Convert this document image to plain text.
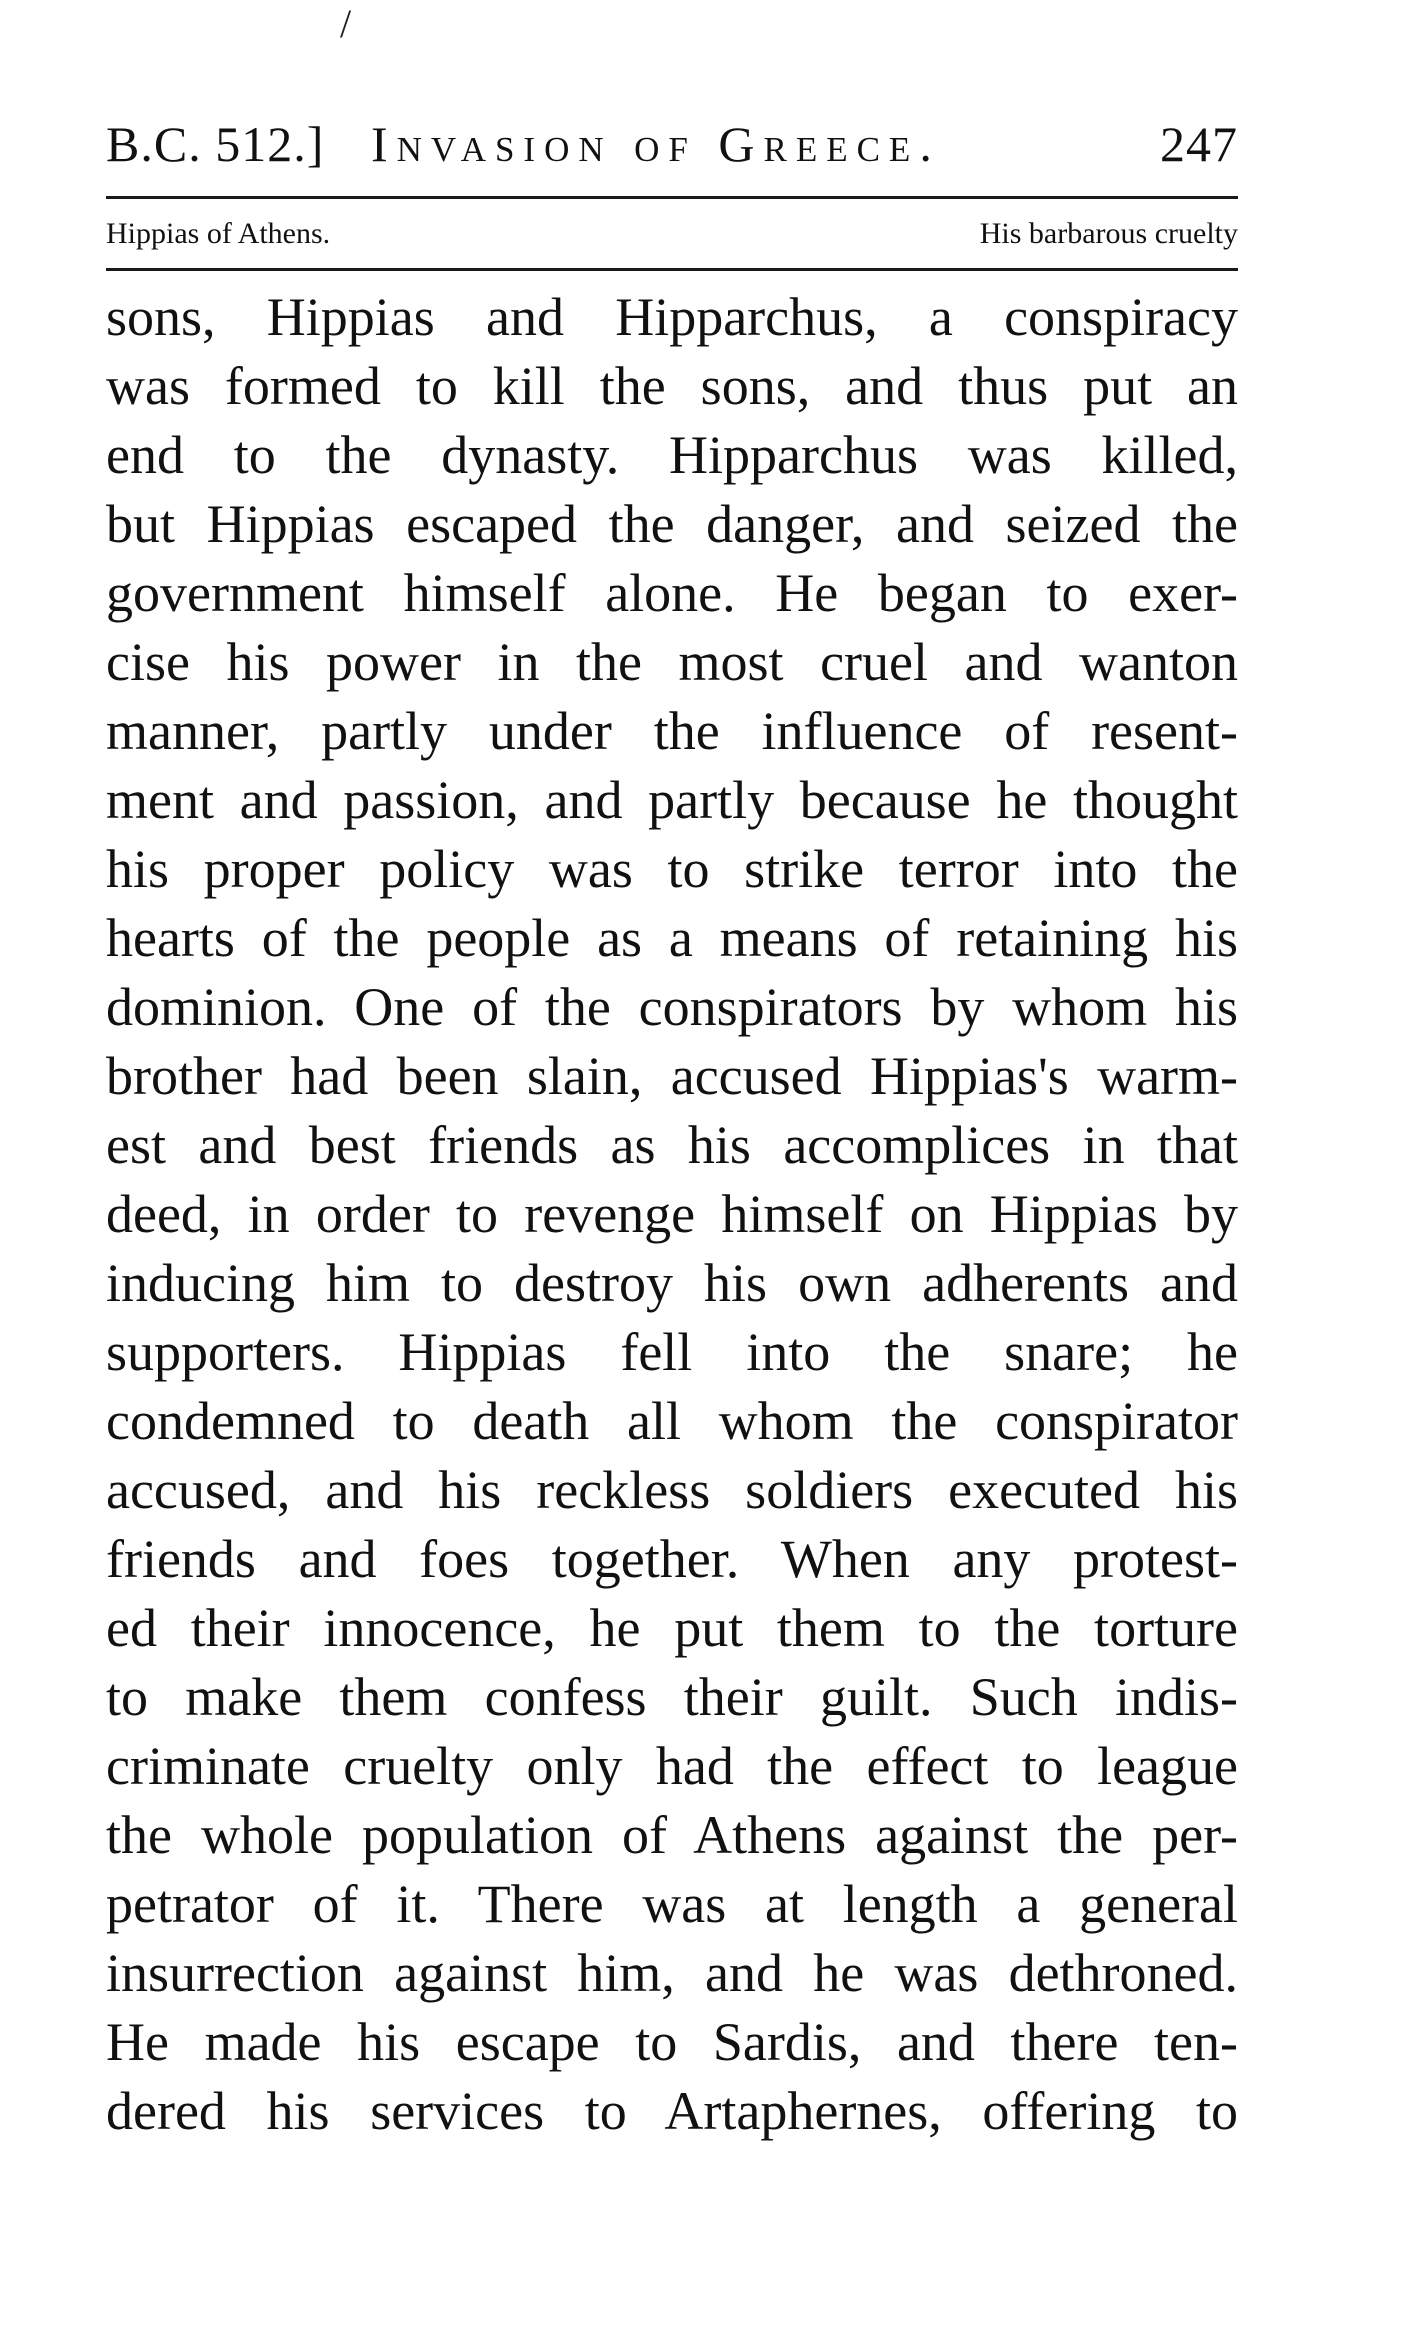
/
B.C. 512.] Invasion of Greece.	247
Hippias of Athens.	His barbarous cruelty
sons, Hippias and Hipparchus, a conspiracy
was formed to kill the sons, and thus put an
end to the dynasty. Hipparchus was killed,
but Hippias escaped the danger, and seized the
government himself alone. He began to exer-
cise his power in the most cruel and wanton
manner, partly under the influence of resent-
ment and passion, and partly because he thought
his proper policy was to strike terror into the
hearts of the people as a means of retaining his
dominion. One of the conspirators by whom his
brother had been slain, accused Hippias's warm-
est and best friends as his accomplices in that
deed, in order to revenge himself on Hippias by
inducing him to destroy his own adherents and
supporters. Hippias fell into the snare; he
condemned to death all whom the conspirator
accused, and his reckless soldiers executed his
friends and foes together. When any protest-
ed their innocence, he put them to the torture
to make them confess their guilt. Such indis-
criminate cruelty only had the effect to league
the whole population of Athens against the per-
petrator of it. There was at length a general
insurrection against him, and he was dethroned.
He made his escape to Sardis, and there ten-
dered his services to Artaphernes, offering to
